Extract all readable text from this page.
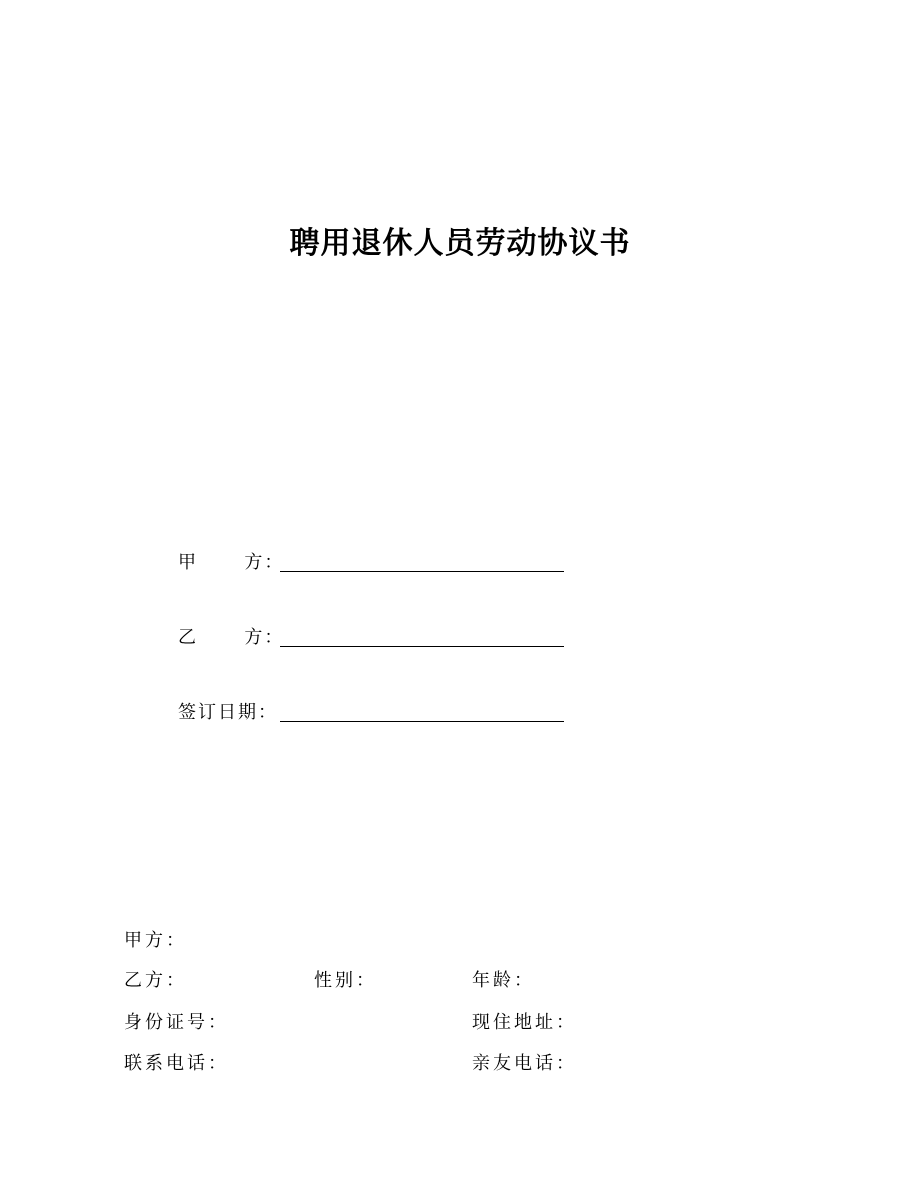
聘用退休人员劳动协议书
甲      方：
乙      方：
签订日期：
甲方：
乙方：	性别：	年龄：
身份证号：	现住地址：
联系电话：	亲友电话：
